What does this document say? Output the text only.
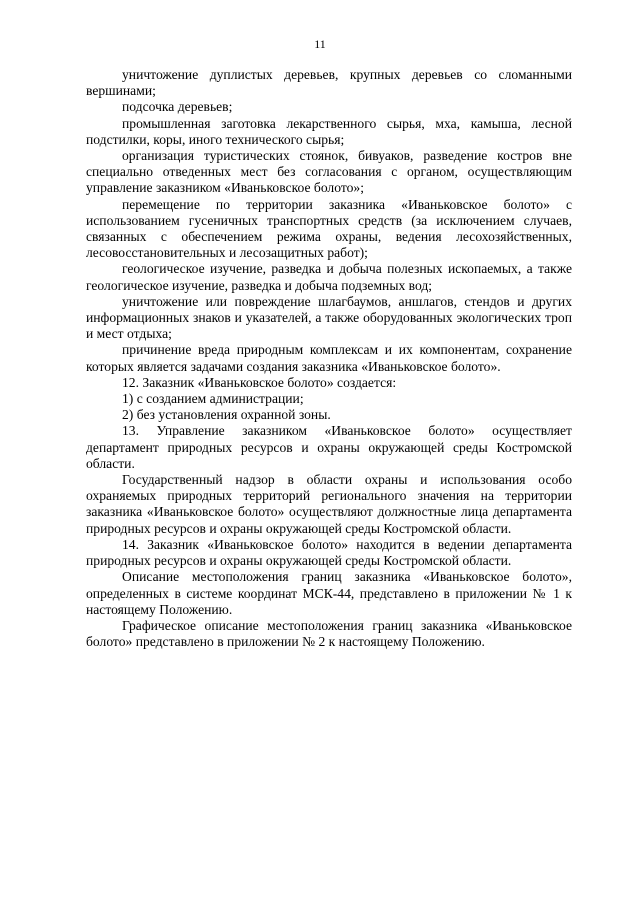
11

уничтожение дуплистых деревьев, крупных деревьев со сломанными вершинами;

подсочка деревьев;

промышленная заготовка лекарственного сырья, мха, камыша, лесной подстилки, коры, иного технического сырья;

организация туристических стоянок, бивуаков, разведение костров вне специально отведенных мест без согласования с органом, осуществляющим управление заказником «Иваньковское болото»;

перемещение по территории заказника «Иваньковское болото» с использованием гусеничных транспортных средств (за исключением случаев, связанных с обеспечением режима охраны, ведения лесохозяйственных, лесовосстановительных и лесозащитных работ);

геологическое изучение, разведка и добыча полезных ископаемых, а также геологическое изучение, разведка и добыча подземных вод;

уничтожение или повреждение шлагбаумов, аншлагов, стендов и других информационных знаков и указателей, а также оборудованных экологических троп и мест отдыха;

причинение вреда природным комплексам и их компонентам, сохранение которых является задачами создания заказника «Иваньковское болото».

12. Заказник «Иваньковское болото» создается:

1) с созданием администрации;

2) без установления охранной зоны.

13. Управление заказником «Иваньковское болото» осуществляет департамент природных ресурсов и охраны окружающей среды Костромской области.

Государственный надзор в области охраны и использования особо охраняемых природных территорий регионального значения на территории заказника «Иваньковское болото» осуществляют должностные лица департамента природных ресурсов и охраны окружающей среды Костромской области.

14. Заказник «Иваньковское болото» находится в ведении департамента природных ресурсов и охраны окружающей среды Костромской области.

Описание местоположения границ заказника «Иваньковское болото», определенных в системе координат МСК-44, представлено в приложении № 1 к настоящему Положению.

Графическое описание местоположения границ заказника «Иваньковское болото» представлено в приложении № 2 к настоящему Положению.
